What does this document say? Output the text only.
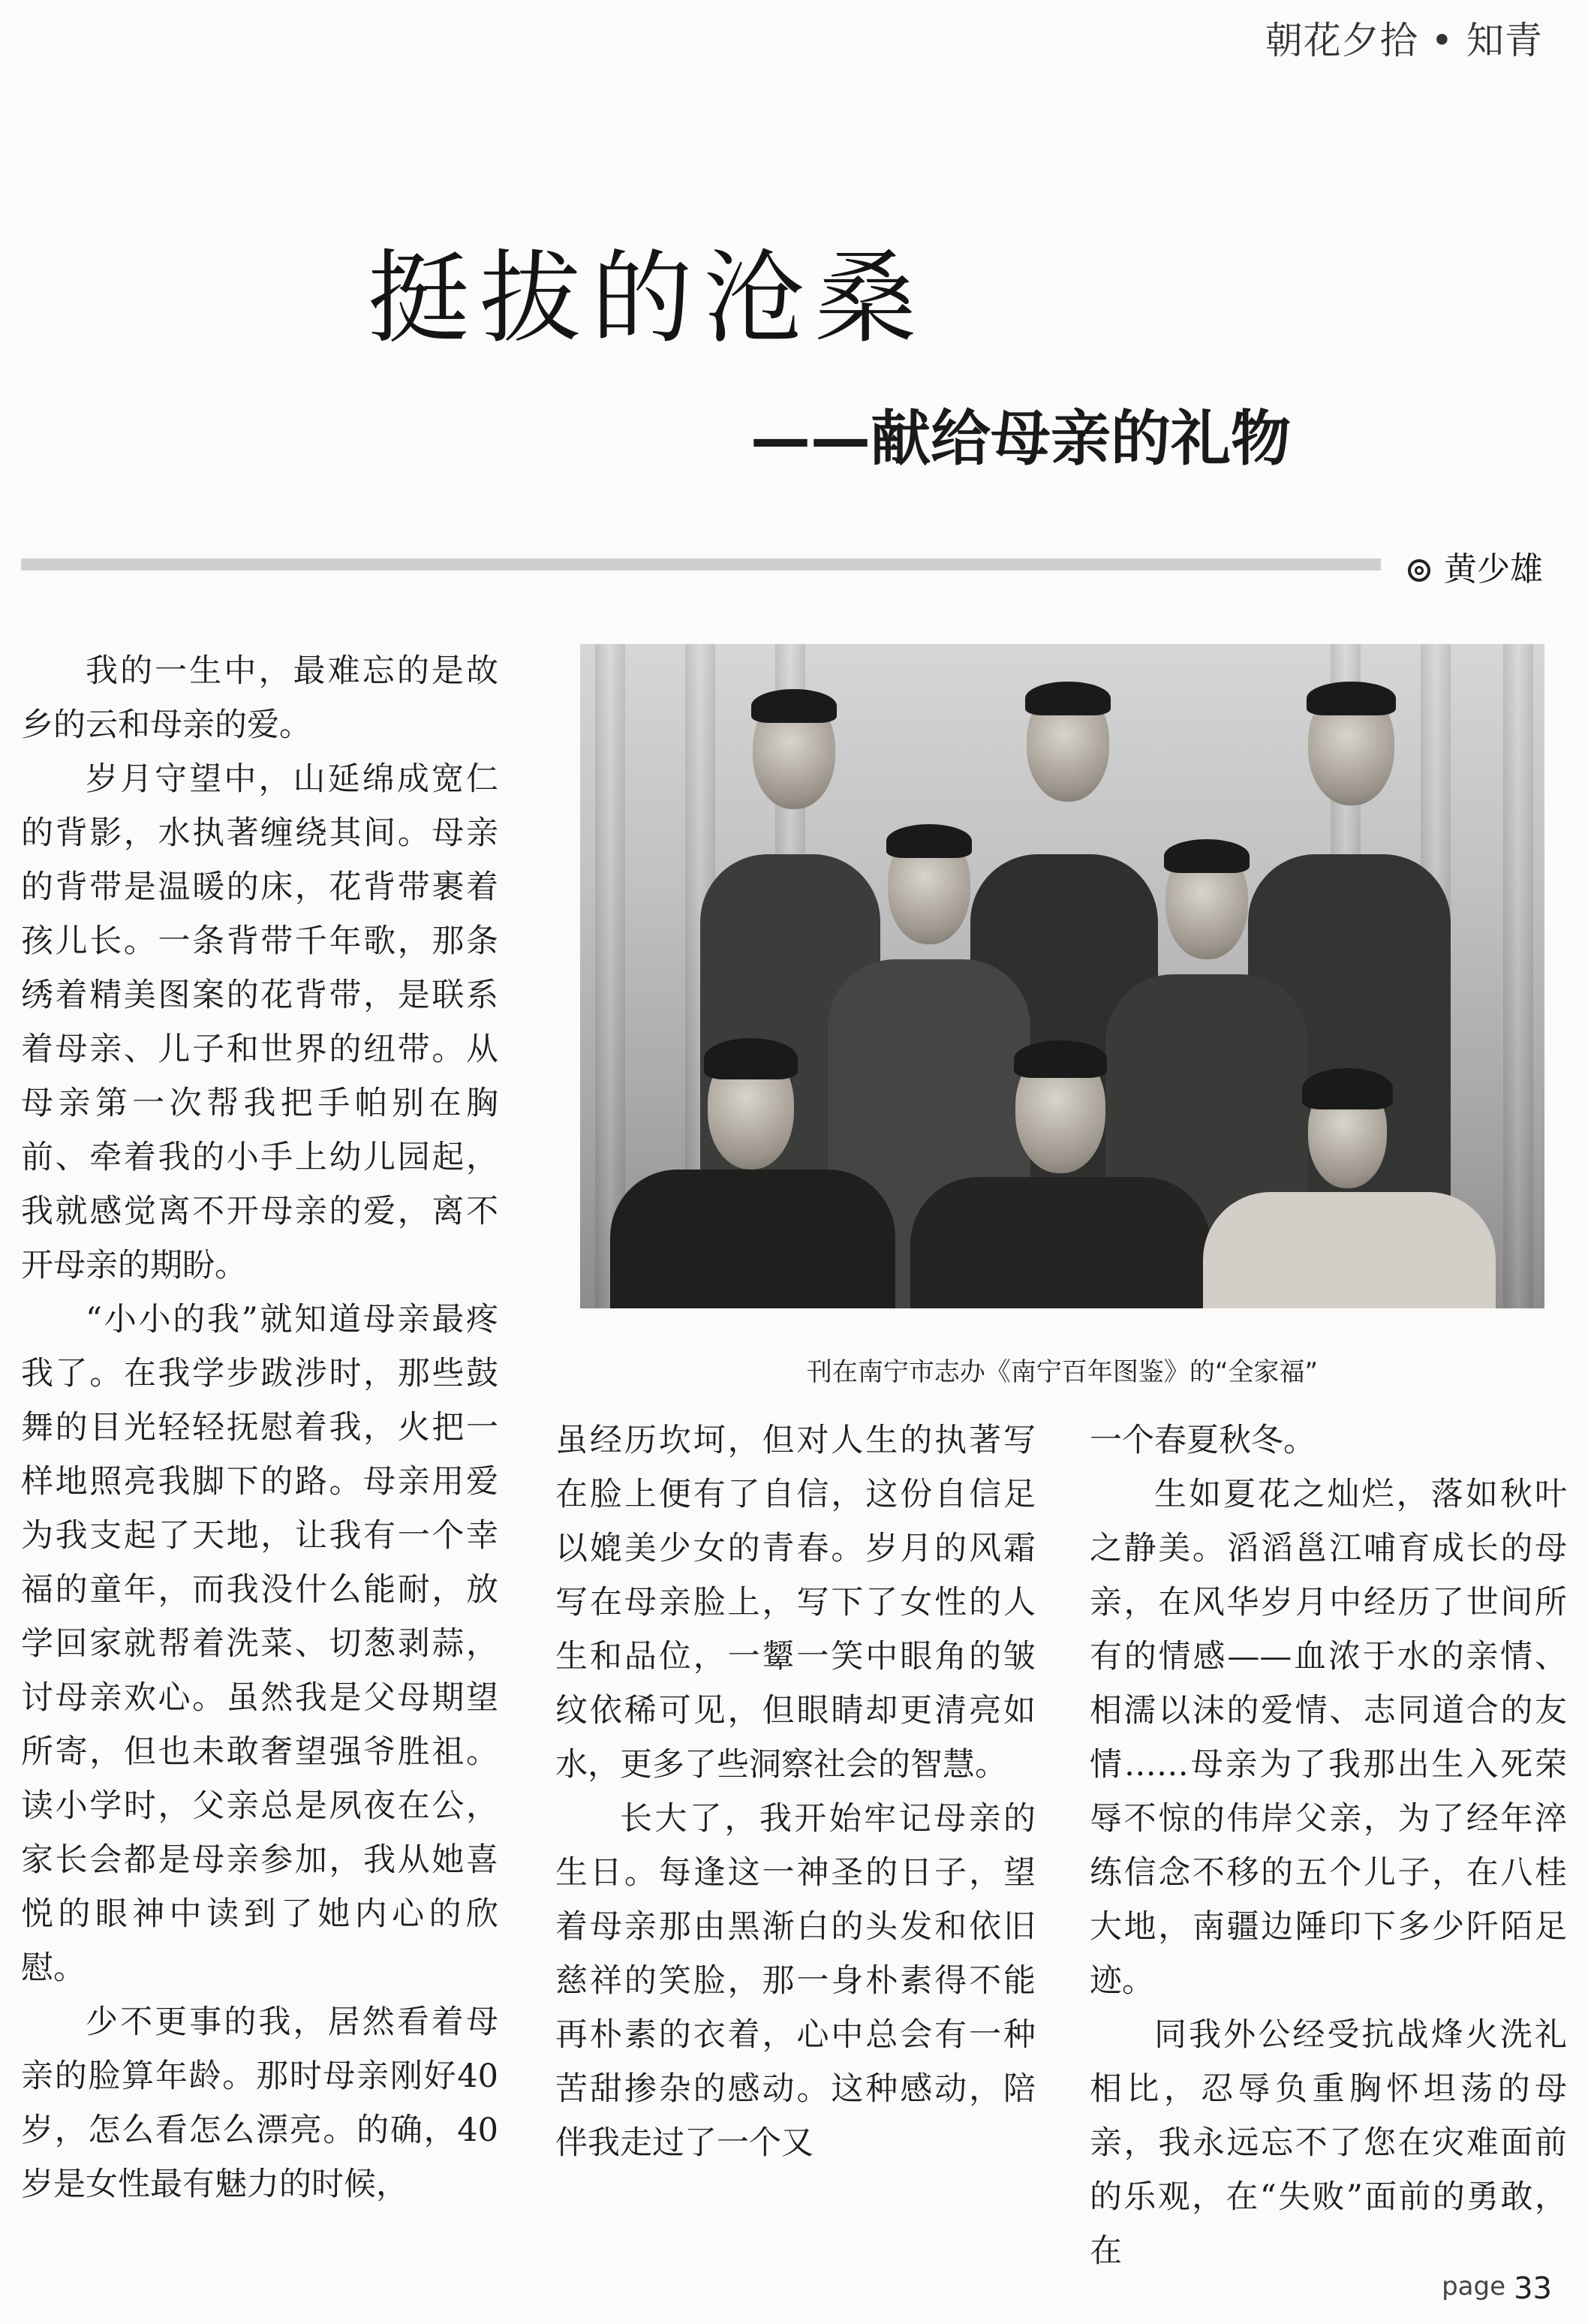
朝花夕拾 • 知青
挺拔的沧桑
——献给母亲的礼物
黄少雄

我的一生中，最难忘的是故乡的云和母亲的爱。

岁月守望中，山延绵成宽仁的背影，水执著缠绕其间。母亲的背带是温暖的床，花背带裹着孩儿长。一条背带千年歌，那条绣着精美图案的花背带，是联系着母亲、儿子和世界的纽带。从母亲第一次帮我把手帕别在胸前、牵着我的小手上幼儿园起，我就感觉离不开母亲的爱，离不开母亲的期盼。

“小小的我”就知道母亲最疼我了。在我学步跋涉时，那些鼓舞的目光轻轻抚慰着我，火把一样地照亮我脚下的路。母亲用爱为我支起了天地，让我有一个幸福的童年，而我没什么能耐，放学回家就帮着洗菜、切葱剥蒜，讨母亲欢心。虽然我是父母期望所寄，但也未敢奢望强爷胜祖。读小学时，父亲总是夙夜在公，家长会都是母亲参加，我从她喜悦的眼神中读到了她内心的欣慰。

少不更事的我，居然看着母亲的脸算年龄。那时母亲刚好40岁，怎么看怎么漂亮。的确，40岁是女性最有魅力的时候，

刊在南宁市志办《南宁百年图鉴》的“全家福”

虽经历坎坷，但对人生的执著写在脸上便有了自信，这份自信足以媲美少女的青春。岁月的风霜写在母亲脸上，写下了女性的人生和品位，一颦一笑中眼角的皱纹依稀可见，但眼睛却更清亮如水，更多了些洞察社会的智慧。

长大了，我开始牢记母亲的生日。每逢这一神圣的日子，望着母亲那由黑渐白的头发和依旧慈祥的笑脸，那一身朴素得不能再朴素的衣着，心中总会有一种苦甜掺杂的感动。这种感动，陪伴我走过了一个又

一个春夏秋冬。

生如夏花之灿烂，落如秋叶之静美。滔滔邕江哺育成长的母亲，在风华岁月中经历了世间所有的情感——血浓于水的亲情、相濡以沫的爱情、志同道合的友情……母亲为了我那出生入死荣辱不惊的伟岸父亲，为了经年淬练信念不移的五个儿子，在八桂大地，南疆边陲印下多少阡陌足迹。

同我外公经受抗战烽火洗礼相比，忍辱负重胸怀坦荡的母亲，我永远忘不了您在灾难面前的乐观，在“失败”面前的勇敢，在

page 33
